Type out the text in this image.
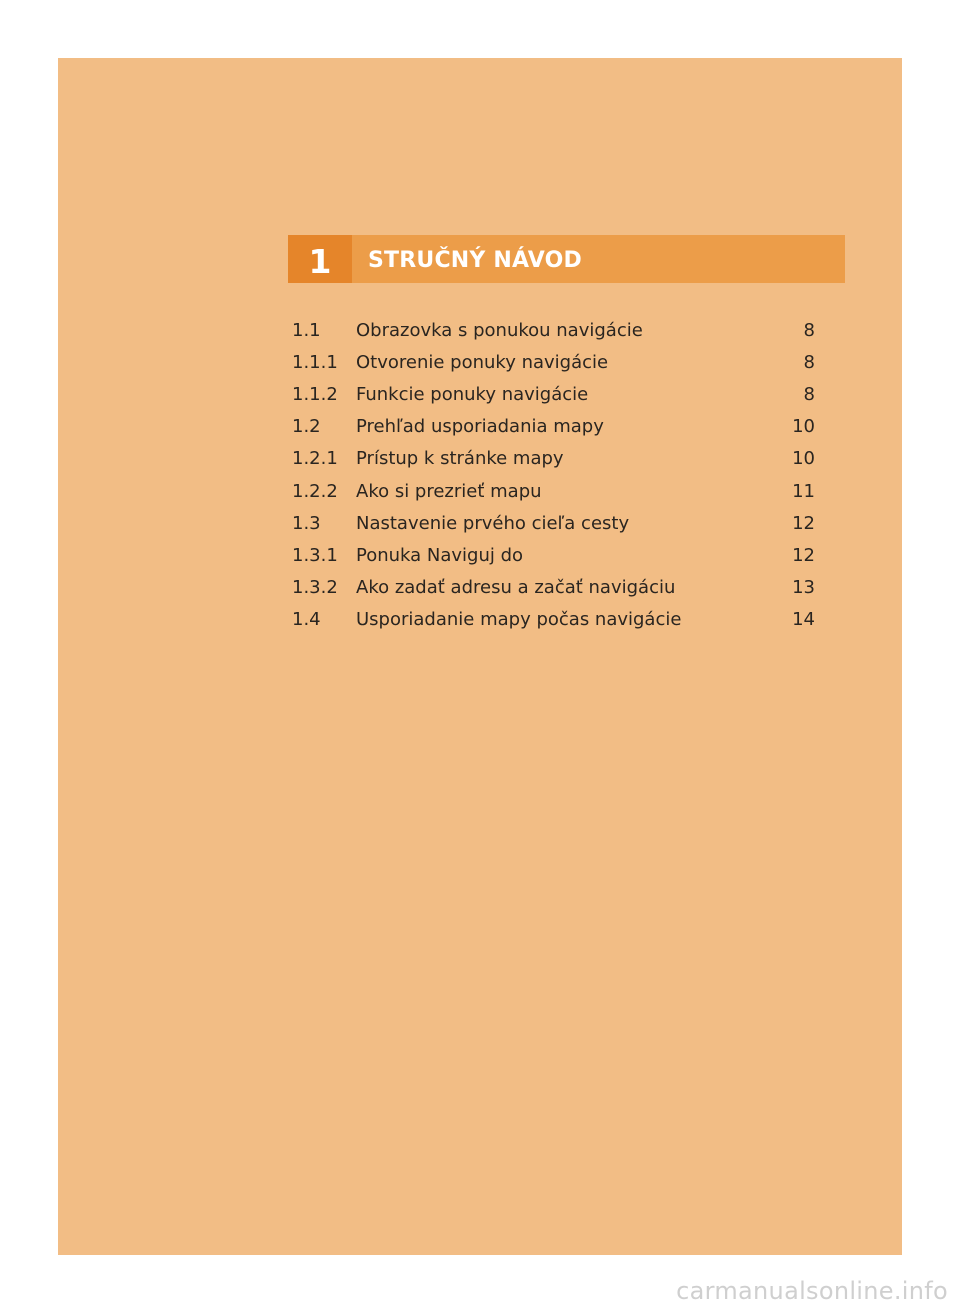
1	STRUČNÝ NÁVOD
1.1	Obrazovka s ponukou navigácie	8
1.1.1	Otvorenie ponuky navigácie	8
1.1.2	Funkcie ponuky navigácie	8
1.2	Prehľad usporiadania mapy	10
1.2.1	Prístup k stránke mapy	10
1.2.2	Ako si prezrieť mapu	11
1.3	Nastavenie prvého cieľa cesty	12
1.3.1	Ponuka Naviguj do	12
1.3.2	Ako zadať adresu a začať navigáciu	13
1.4	Usporiadanie mapy počas navigácie	14
carmanualsonline.info
